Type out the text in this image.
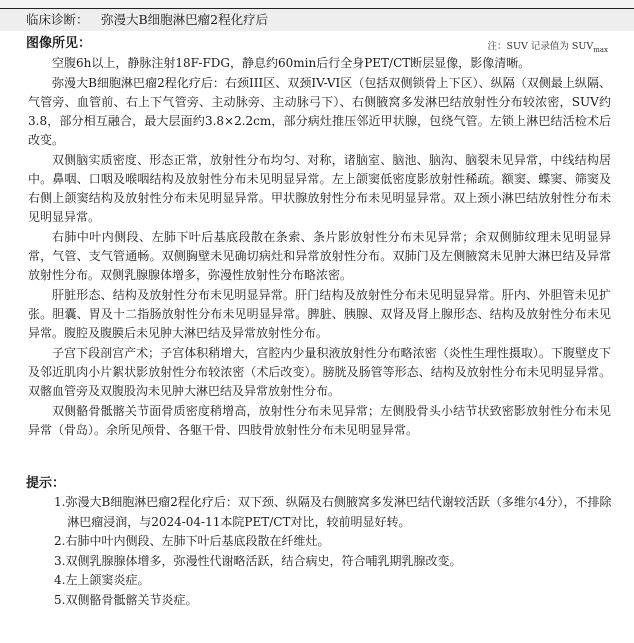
临床诊断： 弥漫大B细胞淋巴瘤2程化疗后
图像所见：	注：SUV 记录值为 $SUV_{max}$

空腹6h以上，静脉注射18F-FDG，静息约60min后行全身PET/CT断层显像，影像清晰。

弥漫大B细胞淋巴瘤2程化疗后：右颈III区、双颈IV-VI区（包括双侧锁骨上下区）、纵隔（双侧最上纵隔、气管旁、血管前、右上下气管旁、主动脉旁、主动脉弓下）、右侧腋窝多发淋巴结放射性分布较浓密，SUV约3.8，部分相互融合，最大层面约3.8×2.2cm，部分病灶推压邻近甲状腺，包绕气管。左锁上淋巴结活检术后改变。

双侧脑实质密度、形态正常，放射性分布均匀、对称，诸脑室、脑池、脑沟、脑裂未见异常，中线结构居中。鼻咽、口咽及喉咽结构及放射性分布未见明显异常。左上颌窦低密度影放射性稀疏。额窦、蝶窦、筛窦及右侧上颌窦结构及放射性分布未见明显异常。甲状腺放射性分布未见明显异常。双上颈小淋巴结放射性分布未见明显异常。

右肺中叶内侧段、左肺下叶后基底段散在条索、条片影放射性分布未见异常；余双侧肺纹理未见明显异常，气管、支气管通畅。双侧胸壁未见确切病灶和异常放射性分布。双肺门及左侧腋窝未见肿大淋巴结及异常放射性分布。双侧乳腺腺体增多，弥漫性放射性分布略浓密。

肝脏形态、结构及放射性分布未见明显异常。肝门结构及放射性分布未见明显异常。肝内、外胆管未见扩张。胆囊、胃及十二指肠放射性分布未见明显异常。脾脏、胰腺、双肾及肾上腺形态、结构及放射性分布未见异常。腹腔及腹膜后未见肿大淋巴结及异常放射性分布。

子宫下段剖宫产术；子宫体积稍增大，宫腔内少量积液放射性分布略浓密（炎性生理性摄取）。下腹壁皮下及邻近肌肉小片絮状影放射性分布较浓密（术后改变）。膀胱及肠管等形态、结构及放射性分布未见明显异常。双髂血管旁及双腹股沟未见肿大淋巴结及异常放射性分布。

双侧骼骨骶髂关节面骨质密度稍增高，放射性分布未见异常；左侧股骨头小结节状致密影放射性分布未见异常（骨岛）。余所见颅骨、各躯干骨、四肢骨放射性分布未见明显异常。

提示：

1.弥漫大B细胞淋巴瘤2程化疗后：双下颈、纵隔及右侧腋窝多发淋巴结代谢较活跃（多维尔4分），不排除淋巴瘤浸润，与2024-04-11本院PET/CT对比，较前明显好转。

2.右肺中叶内侧段、左肺下叶后基底段散在纤维灶。

3.双侧乳腺腺体增多，弥漫性代谢略活跃，结合病史，符合哺乳期乳腺改变。

4.左上颌窦炎症。

5.双侧骼骨骶髂关节炎症。
